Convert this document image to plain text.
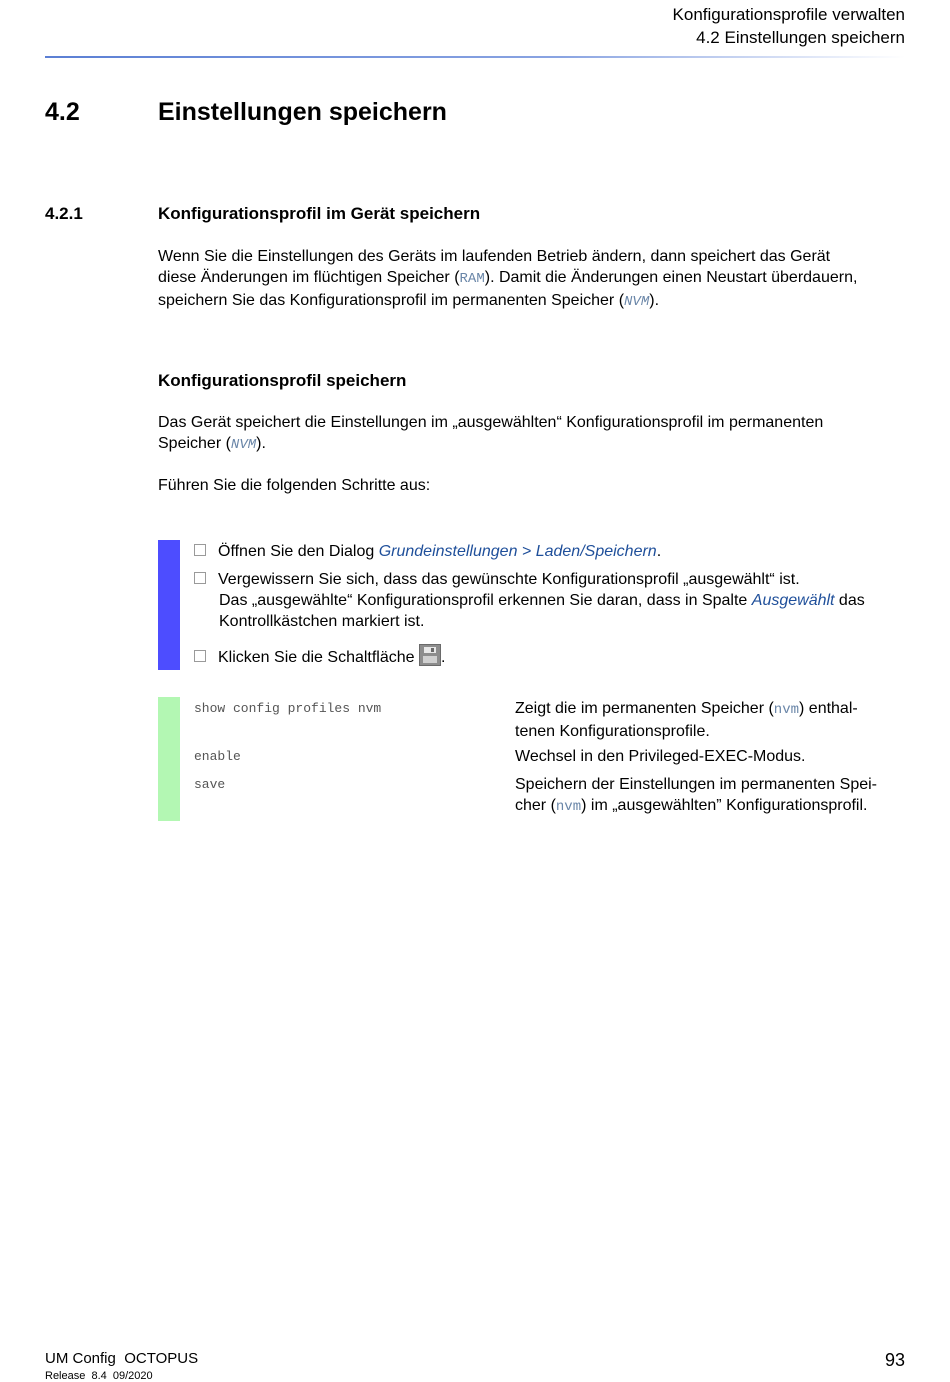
Konfigurationsprofile verwalten
4.2 Einstellungen speichern
4.2	Einstellungen speichern
4.2.1	Konfigurationsprofil im Gerät speichern
Wenn Sie die Einstellungen des Geräts im laufenden Betrieb ändern, dann speichert das Gerät
diese Änderungen im flüchtigen Speicher (RAM). Damit die Änderungen einen Neustart überdauern,
speichern Sie das Konfigurationsprofil im permanenten Speicher (NVM).
Konfigurationsprofil speichern
Das Gerät speichert die Einstellungen im „ausgewählten“ Konfigurationsprofil im permanenten
Speicher (NVM).
Führen Sie die folgenden Schritte aus:
Öffnen Sie den Dialog Grundeinstellungen > Laden/Speichern.
Vergewissern Sie sich, dass das gewünschte Konfigurationsprofil „ausgewählt“ ist.
Das „ausgewählte“ Konfigurationsprofil erkennen Sie daran, dass in Spalte Ausgewählt das
Kontrollkästchen markiert ist.
Klicken Sie die Schaltfläche
.
show config profiles nvm	Zeigt die im permanenten Speicher (nvm) enthal-
tenen Konfigurationsprofile.
enable	Wechsel in den Privileged-EXEC-Modus.
save	Speichern der Einstellungen im permanenten Spei-
cher (nvm) im „ausgewählten” Konfigurationsprofil.
UM Config  OCTOPUS
Release  8.4  09/2020
93
